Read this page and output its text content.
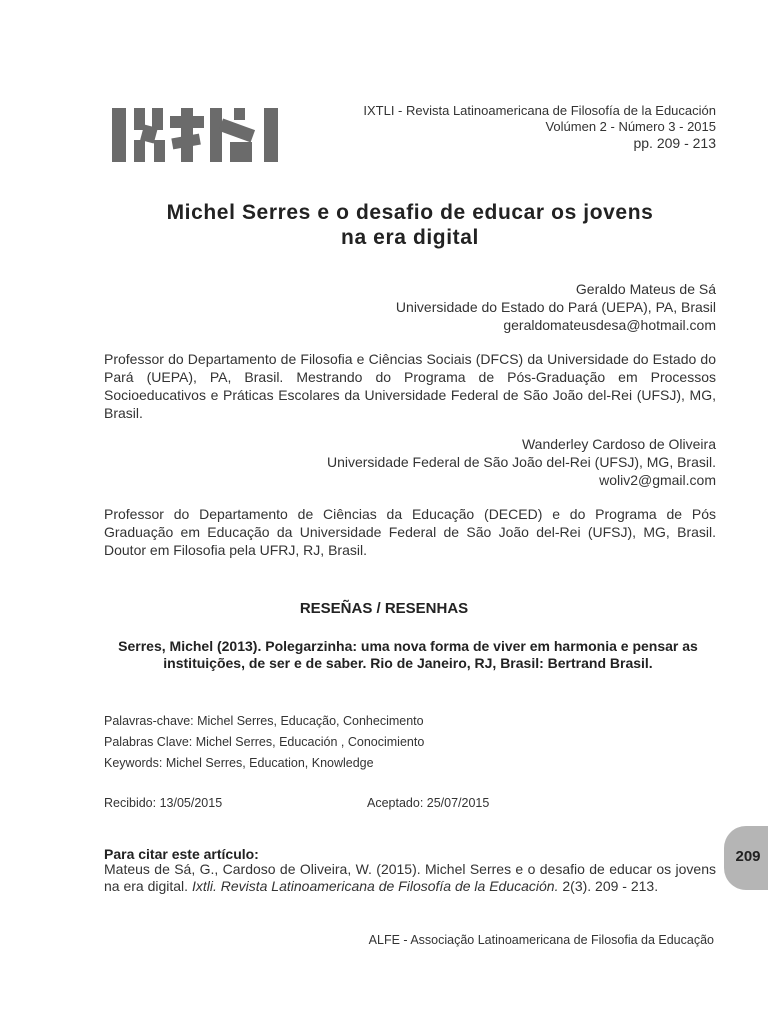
IXTLI - Revista Latinoamericana de Filosofía de la Educación
Volúmen 2 - Número 3 - 2015
pp. 209 - 213
Michel Serres e o desafio de educar os jovens
na era digital
Geraldo Mateus de Sá
Universidade do Estado do Pará (UEPA), PA, Brasil
geraldomateusdesa@hotmail.com
Professor do Departamento de Filosofia e Ciências Sociais (DFCS) da Universidade do Estado do Pará (UEPA), PA, Brasil. Mestrando do Programa de Pós-Graduação em Processos Socioeducativos e Práticas Escolares da Universidade Federal de São João del-Rei (UFSJ), MG, Brasil.
Wanderley Cardoso de Oliveira
Universidade Federal de São João del-Rei (UFSJ), MG, Brasil.
woliv2@gmail.com
Professor do Departamento de Ciências da Educação (DECED) e do Programa de Pós Graduação em Educação da Universidade Federal de São João del-Rei (UFSJ), MG, Brasil. Doutor em Filosofia pela UFRJ, RJ, Brasil.
RESEÑAS / RESENHAS
Serres, Michel (2013). Polegarzinha: uma nova forma de viver em harmonia e pensar as instituições, de ser e de saber. Rio de Janeiro, RJ, Brasil: Bertrand Brasil.
Palavras-chave: Michel Serres, Educação, Conhecimento
Palabras Clave: Michel Serres, Educación , Conocimiento
Keywords: Michel Serres, Education, Knowledge
Recibido: 13/05/2015	Aceptado: 25/07/2015
Para citar este artículo:
Mateus de Sá, G., Cardoso de Oliveira, W. (2015). Michel Serres e o desafio de educar os jovens na era digital. Ixtli. Revista Latinoamericana de Filosofía de la Educación. 2(3). 209 - 213.
209
ALFE - Associação Latinoamericana de Filosofia da Educação
